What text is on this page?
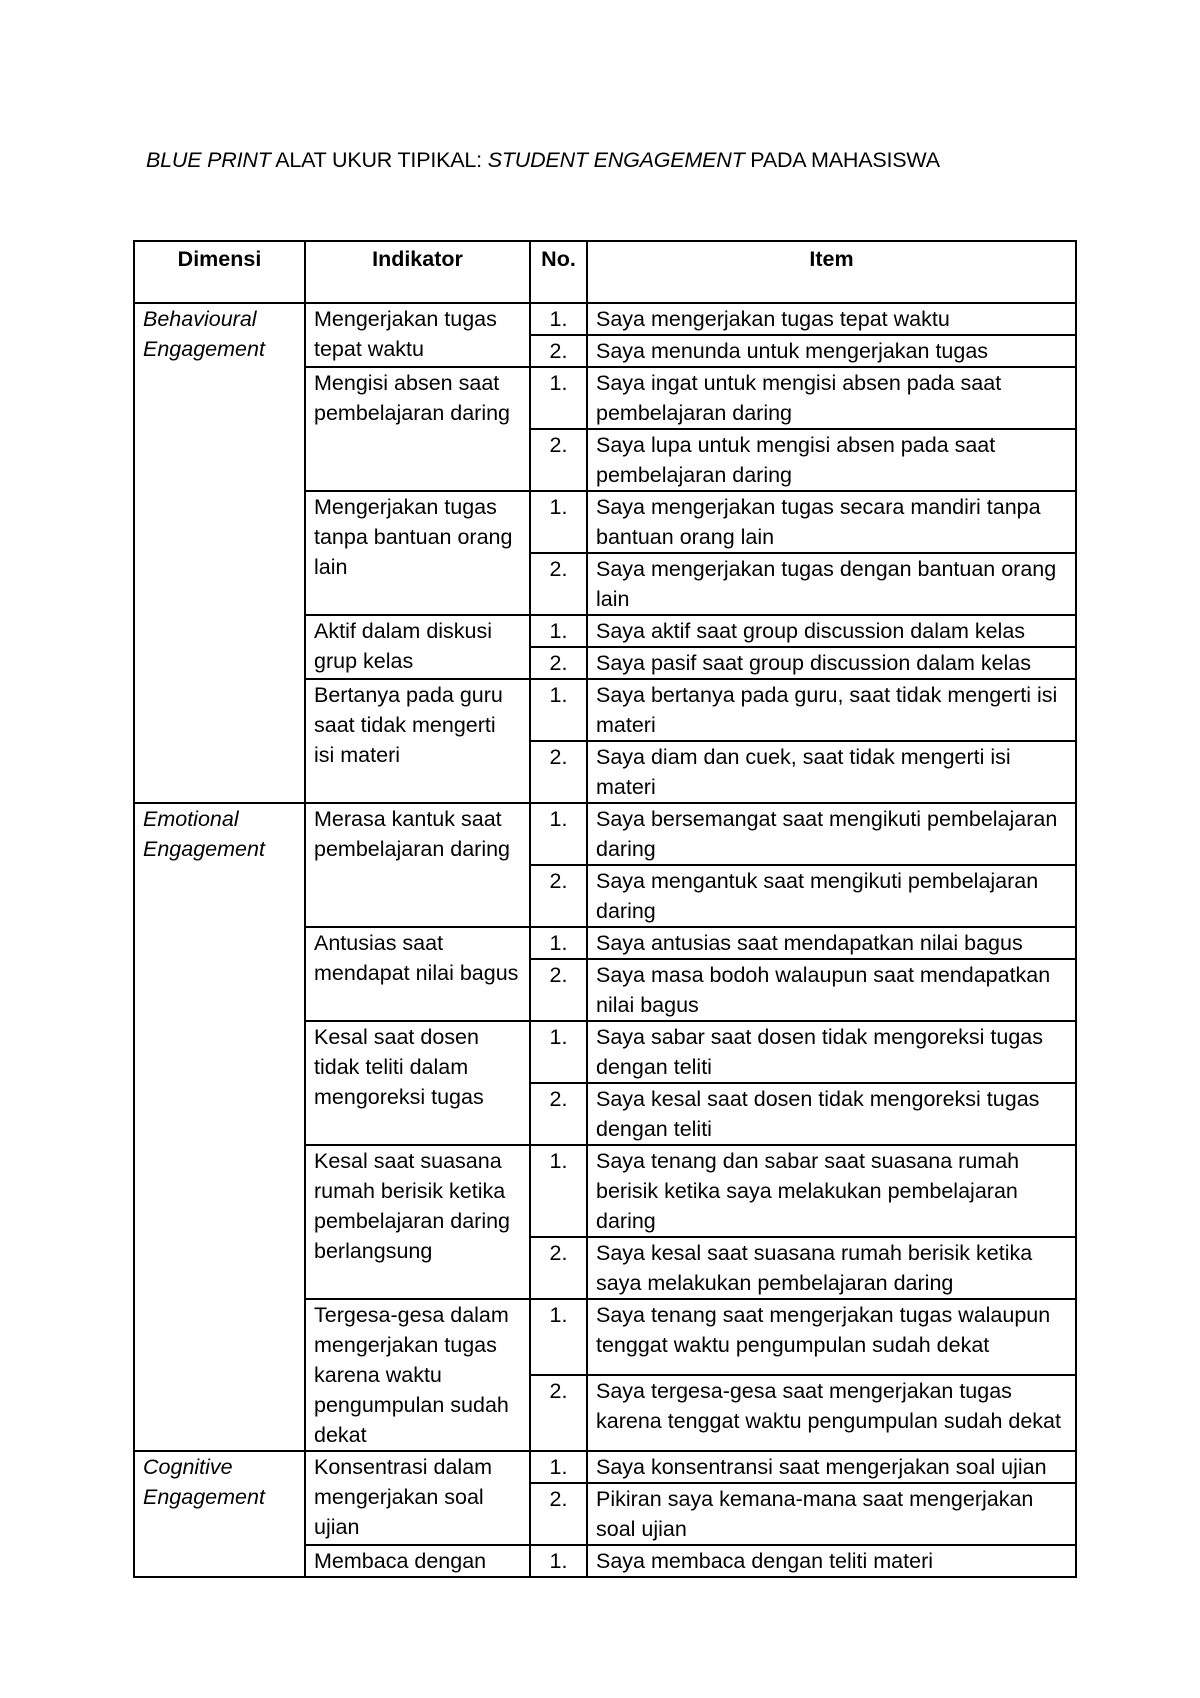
BLUE PRINT ALAT UKUR TIPIKAL: STUDENT ENGAGEMENT PADA MAHASISWA
Dimensi	Indikator	No.	Item
Behavioural Engagement	Mengerjakan tugas tepat waktu	1.	Saya mengerjakan tugas tepat waktu
		2.	Saya menunda untuk mengerjakan tugas
	Mengisi absen saat pembelajaran daring	1.	Saya ingat untuk mengisi absen pada saat pembelajaran daring
		2.	Saya lupa untuk mengisi absen pada saat pembelajaran daring
	Mengerjakan tugas tanpa bantuan orang lain	1.	Saya mengerjakan tugas secara mandiri tanpa bantuan orang lain
		2.	Saya mengerjakan tugas dengan bantuan orang lain
	Aktif dalam diskusi grup kelas	1.	Saya aktif saat group discussion dalam kelas
		2.	Saya pasif saat group discussion dalam kelas
	Bertanya pada guru saat tidak mengerti isi materi	1.	Saya bertanya pada guru, saat tidak mengerti isi materi
		2.	Saya diam dan cuek, saat tidak mengerti isi materi
Emotional Engagement	Merasa kantuk saat pembelajaran daring	1.	Saya bersemangat saat mengikuti pembelajaran daring
		2.	Saya mengantuk saat mengikuti pembelajaran daring
	Antusias saat mendapat nilai bagus	1.	Saya antusias saat mendapatkan nilai bagus
		2.	Saya masa bodoh walaupun saat mendapatkan nilai bagus
	Kesal saat dosen tidak teliti dalam mengoreksi tugas	1.	Saya sabar saat dosen tidak mengoreksi tugas dengan teliti
		2.	Saya kesal saat dosen tidak mengoreksi tugas dengan teliti
	Kesal saat suasana rumah berisik ketika pembelajaran daring berlangsung	1.	Saya tenang dan sabar saat suasana rumah berisik ketika saya melakukan pembelajaran daring
		2.	Saya kesal saat suasana rumah berisik ketika saya melakukan pembelajaran daring
	Tergesa-gesa dalam mengerjakan tugas karena waktu pengumpulan sudah dekat	1.	Saya tenang saat mengerjakan tugas walaupun tenggat waktu pengumpulan sudah dekat
		2.	Saya tergesa-gesa saat mengerjakan tugas karena tenggat waktu pengumpulan sudah dekat
Cognitive Engagement	Konsentrasi dalam mengerjakan soal ujian	1.	Saya konsentransi saat mengerjakan soal ujian
		2.	Pikiran saya kemana-mana saat mengerjakan soal ujian
	Membaca dengan	1.	Saya membaca dengan teliti materi
